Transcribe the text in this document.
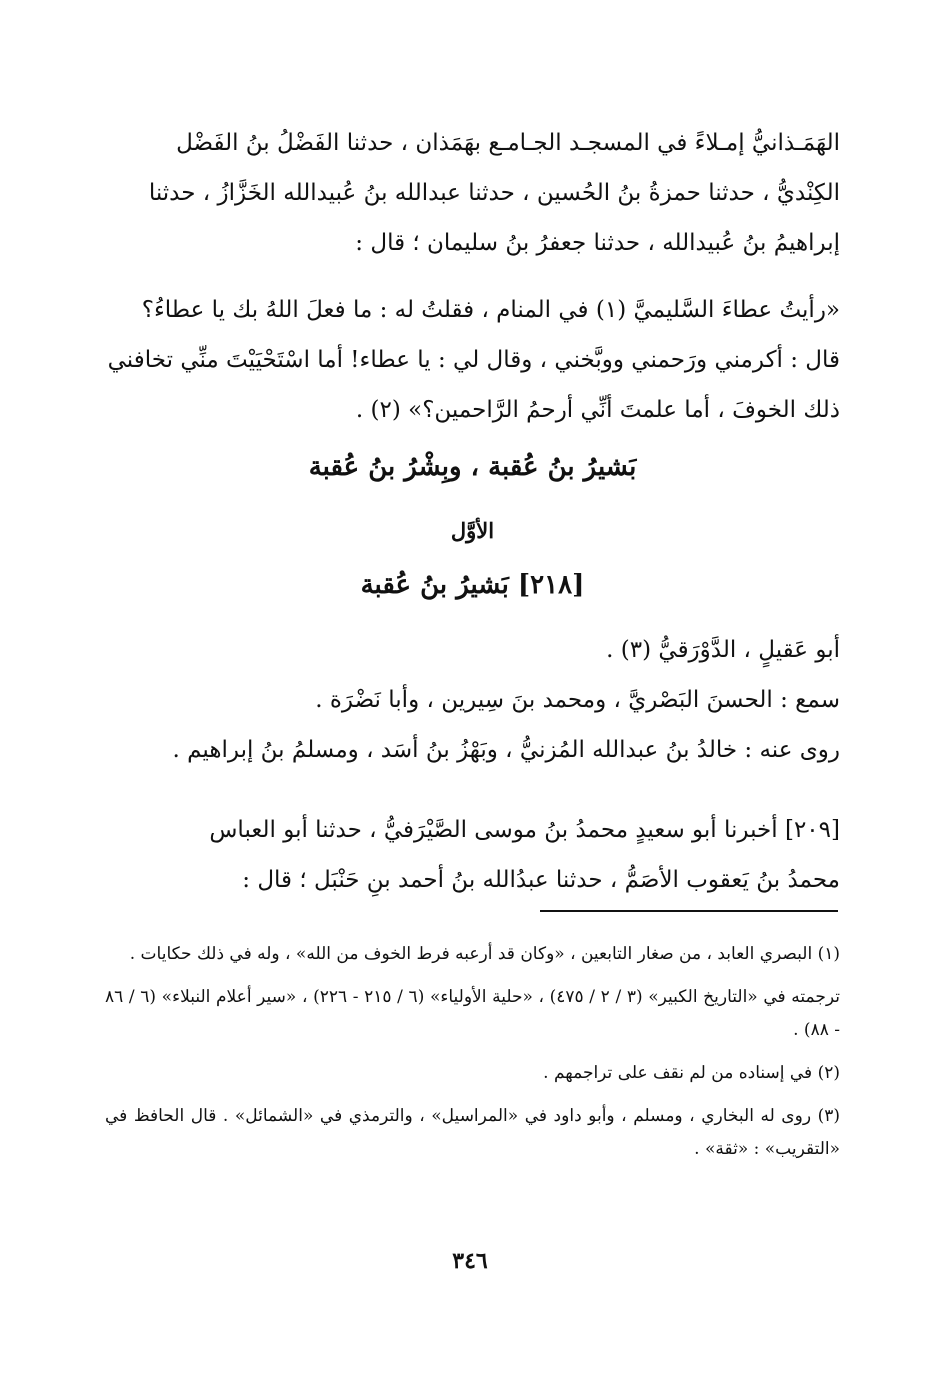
الهَمَـذانيُّ إمـلاءً في المسجـد الجـامـع بهَمَذان ، حدثنا الفَضْلُ بنُ الفَضْل
الكِنْديُّ ، حدثنا حمزةُ بنُ الحُسين ، حدثنا عبدالله بنُ عُبيدالله الخَزَّازُ ، حدثنا
إبراهيمُ بنُ عُبيدالله ، حدثنا جعفرُ بنُ سليمان ؛ قال :
«رأيتُ عطاءَ السَّليميَّ (١) في المنام ، فقلتُ له : ما فعلَ اللهُ بك يا عطاءُ؟
قال : أكرمني ورَحمني ووبَّخني ، وقال لي : يا عطاء! أما اسْتَحْيَيْتَ منِّي تخافني
ذلك الخوفَ ، أما علمتَ أنِّي أرحمُ الرَّاحمين؟» (٢) .
بَشيرُ بنُ عُقبة ، وبِشْرُ بنُ عُقبة
الأوَّل
[٢١٨] بَشيرُ بنُ عُقبة
أبو عَقيلٍ ، الدَّوْرَقيُّ (٣) .
سمع : الحسنَ البَصْريَّ ، ومحمد بنَ سِيرين ، وأبا نَضْرَة .
روى عنه : خالدُ بنُ عبدالله المُزنيُّ ، وبَهْزُ بنُ أسَد ، ومسلمُ بنُ إبراهيم .
[٢٠٩] أخبرنا أبو سعيدٍ محمدُ بنُ موسى الصَّيْرَفيُّ ، حدثنا أبو العباس
محمدُ بنُ يَعقوب الأصَمُّ ، حدثنا عبدُالله بنُ أحمد بنِ حَنْبَل ؛ قال :
(١) البصري العابد ، من صغار التابعين ، «وكان قد أرعبه فرط الخوف من الله» ، وله في ذلك حكايات .
ترجمته في «التاريخ الكبير» (٣ / ٢ / ٤٧٥) ، «حلية الأولياء» (٦ / ٢١٥ - ٢٢٦) ، «سير أعلام النبلاء» (٦ / ٨٦ - ٨٨) .
(٢) في إسناده من لم نقف على تراجمهم .
(٣) روى له البخاري ، ومسلم ، وأبو داود في «المراسيل» ، والترمذي في «الشمائل» . قال الحافظ في «التقريب» : «ثقة» .
٣٤٦
